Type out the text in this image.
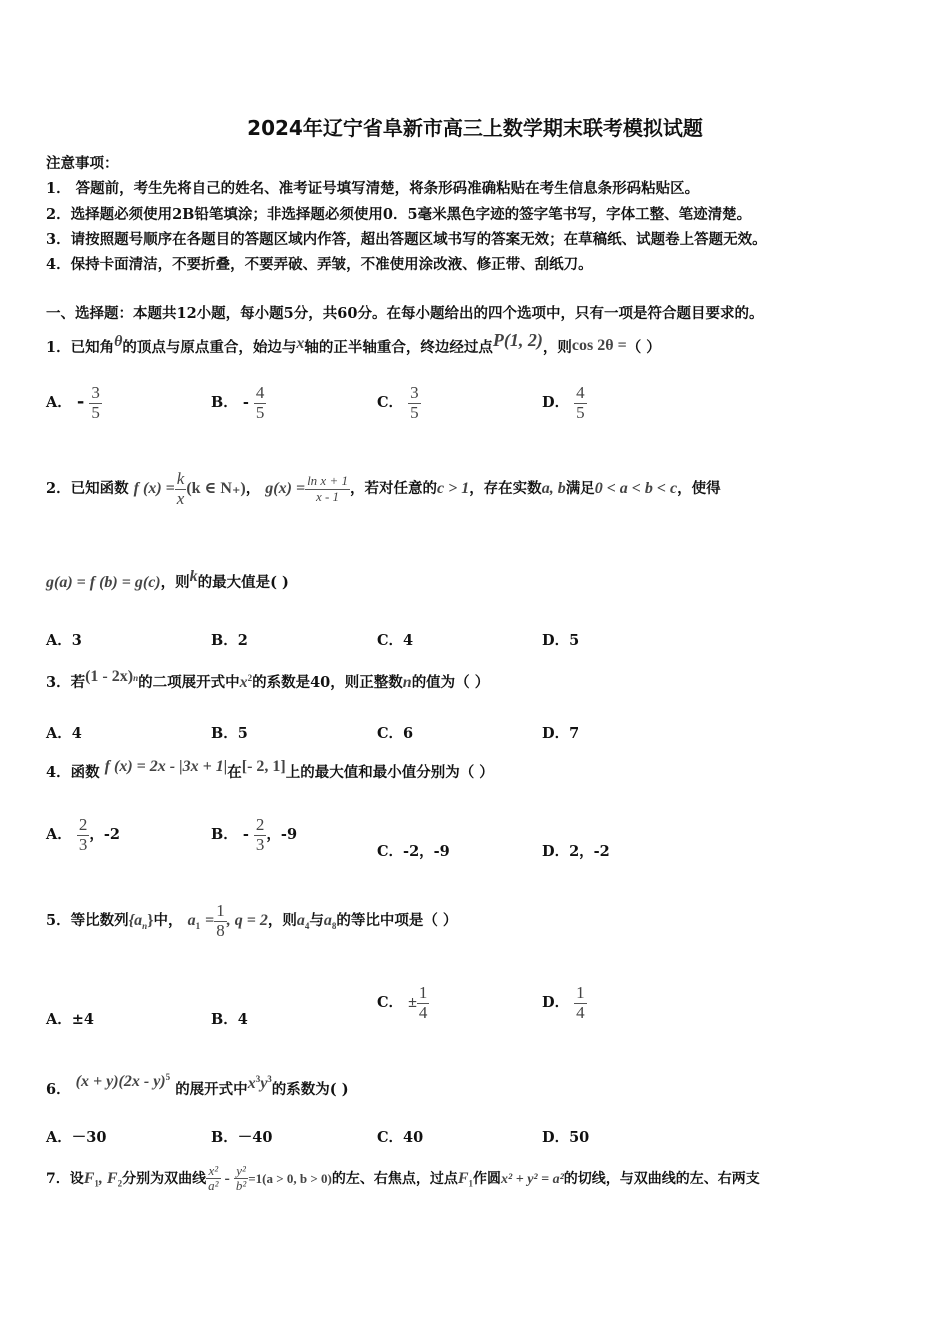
2024年辽宁省阜新市高三上数学期末联考模拟试题
注意事项：
1． 答题前，考生先将自己的姓名、准考证号填写清楚，将条形码准确粘贴在考生信息条形码粘贴区。
2．选择题必须使用2B铅笔填涂；非选择题必须使用0．5毫米黑色字迹的签字笔书写，字体工整、笔迹清楚。
3．请按照题号顺序在各题目的答题区域内作答，超出答题区域书写的答案无效；在草稿纸、试题卷上答题无效。
4．保持卡面清洁，不要折叠，不要弄破、弄皱，不准使用涂改液、修正带、刮纸刀。
一、选择题：本题共12小题，每小题5分，共60分。在每小题给出的四个选项中，只有一项是符合题目要求的。
1．已知角θ的顶点与原点重合，始边与x轴的正半轴重合，终边经过点P(1, 2)，则cos 2θ =（ ）
A． - $\frac{3}{5}$	B． - $\frac{4}{5}$	C． $\frac{3}{5}$	D． $\frac{4}{5}$
2．已知函数 f $(x) = \frac{k}{x} (k$ ∈ N₊)， $g(x) = \frac{\text{ln x + 1}}{x - 1}$ ，若对任意的c > 1，存在实数a, b满足0 < a < b < c，使得
g(a) = f (b) = g(c)，则k的最大值是( )
A．3	B．2	C．4	D．5
3．若(1 - 2x)$^n$的二项展开式中$x^2$的系数是40，则正整数n的值为（ ）
A．4	B．5	C．6	D．7
4．函数 f (x) = 2x - |3x + 1|在[- 2, 1]上的最大值和最小值分别为（ ）
A． $\frac{2}{3}$ ，-2	B． - $\frac{2}{3}$ ，-9
C．-2，-9	D．2，-2
5．等比数列$\{a_n\}$中， $a_1 = \frac{1}{8}$ , q = 2，则$a_4$与$a_8$的等比中项是（ ）
A．±4	B．4
C． ± $\frac{1}{4}$	D． $\frac{1}{4}$
6． (x + y)(2x - y)$^5$ 的展开式中$x^3y^3$的系数为( )
A．－30	B．－40	C．40	D．50
7．设$F_1$, $F_2$分别为双曲线 $\frac{\text{x²}}{\text{a²}} - \frac{\text{y²}}{\text{b²}} =1(a > 0$, b > 0)的左、右焦点，过点$F_1$作圆x² + y² = a²的切线，与双曲线的左、右两支
